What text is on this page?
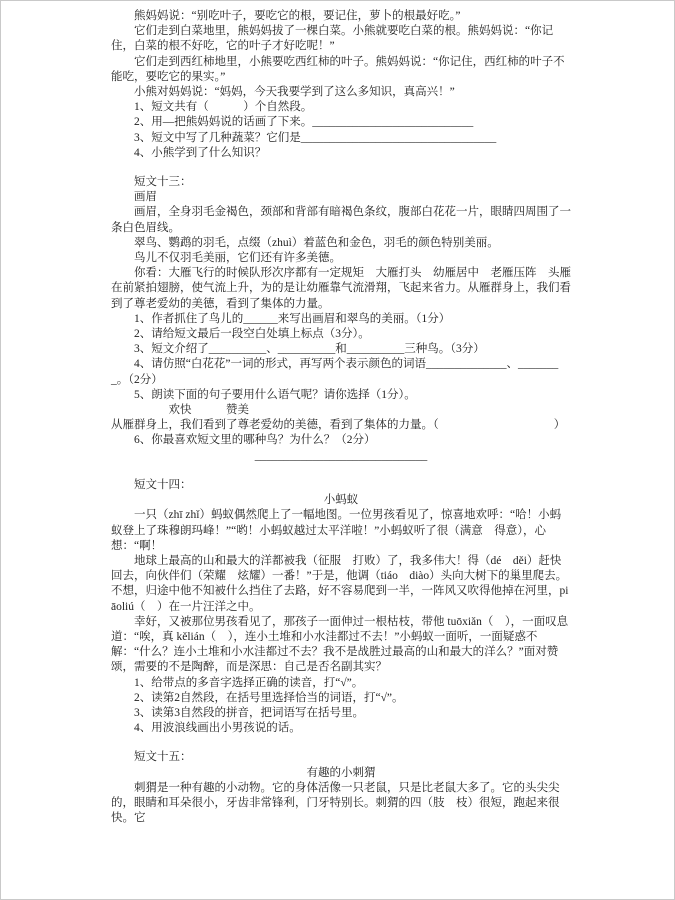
熊妈妈说：“别吃叶子，要吃它的根，要记住，萝卜的根最好吃。”
它们走到白菜地里，熊妈妈拔了一棵白菜。小熊就要吃白菜的根。熊妈妈说：“你记住，白菜的根不好吃，它的叶子才好吃呢！”
它们走到西红柿地里，小熊要吃西红柿的叶子。熊妈妈说：“你记住，西红柿的叶子不能吃，要吃它的果实。”
小熊对妈妈说：“妈妈，今天我要学到了这么多知识，真高兴！”
1、短文共有（　　　）个自然段。
2、用—把熊妈妈说的话画了下来。____________________________
3、短文中写了几种蔬菜？它们是__________________________________
4、小熊学到了什么知识？
短文十三：
画眉
画眉，全身羽毛金褐色，颈部和背部有暗褐色条纹，腹部白花花一片，眼睛四周围了一条白色眉线。
翠鸟、鹦鹉的羽毛，点缀（zhuì）着蓝色和金色，羽毛的颜色特别美丽。
鸟儿不仅羽毛美丽，它们还有许多美德。
你看：大雁飞行的时候队形次序都有一定规矩　大雁打头　幼雁居中　老雁压阵　头雁在前紧拍翅膀，使气流上升，为的是让幼雁靠气流滑翔，飞起来省力。从雁群身上，我们看到了尊老爱幼的美德，看到了集体的力量。
1、作者抓住了鸟儿的______来写出画眉和翠鸟的美丽。（1分）
2、请给短文最后一段空白处填上标点（3分）。
3、短文介绍了__________、__________和__________三种鸟。（3分）
4、请仿照“白花花”一词的形式，再写两个表示颜色的词语______________、________。（2分）
5、朗读下面的句子要用什么语气呢？请你选择（1分）。
欢快　　　赞美
从雁群身上，我们看到了尊老爱幼的美德，看到了集体的力量。（　　　　　　　　　　）
6、你最喜欢短文里的哪种鸟？为什么？（2分）
______________________________
短文十四：
小蚂蚁
一只（zhī zhǐ）蚂蚁偶然爬上了一幅地图。一位男孩看见了，惊喜地欢呼：“哈！小蚂蚁登上了珠穆朗玛峰！”“哟！小蚂蚁越过太平洋啦！”小蚂蚁听了很（满意　得意），心想：“啊！
地球上最高的山和最大的洋都被我（征服　打败）了，我多伟大！得（dé　děi）赶快回去，向伙伴们（荣耀　炫耀）一番！”于是，他调（tiáo　diào）头向大树下的巢里爬去。不想，归途中他不知被什么挡住了去路，好不容易爬到一半，一阵风又吹得他掉在河里，piāoliú（　）在一片汪洋之中。
幸好，又被那位男孩看见了，那孩子一面伸过一根枯枝，带他 tuōxiǎn（　），一面叹息道：“唉，真 kělián（　），连小土堆和小水洼都过不去！”小蚂蚁一面听，一面疑惑不解：“什么？连小土堆和小水洼都过不去？我不是战胜过最高的山和最大的洋么？”面对赞颂，需要的不是陶醉，而是深思：自己是否名副其实？
1、给带点的多音字选择正确的读音，打“√”。
2、读第2自然段，在括号里选择恰当的词语，打“√”。
3、读第3自然段的拼音，把词语写在括号里。
4、用波浪线画出小男孩说的话。
短文十五：
有趣的小刺猬
刺猬是一种有趣的小动物。它的身体活像一只老鼠，只是比老鼠大多了。它的头尖尖的，眼睛和耳朵很小，牙齿非常锋利，门牙特别长。刺猬的四（肢　枝）很短，跑起来很快。它
